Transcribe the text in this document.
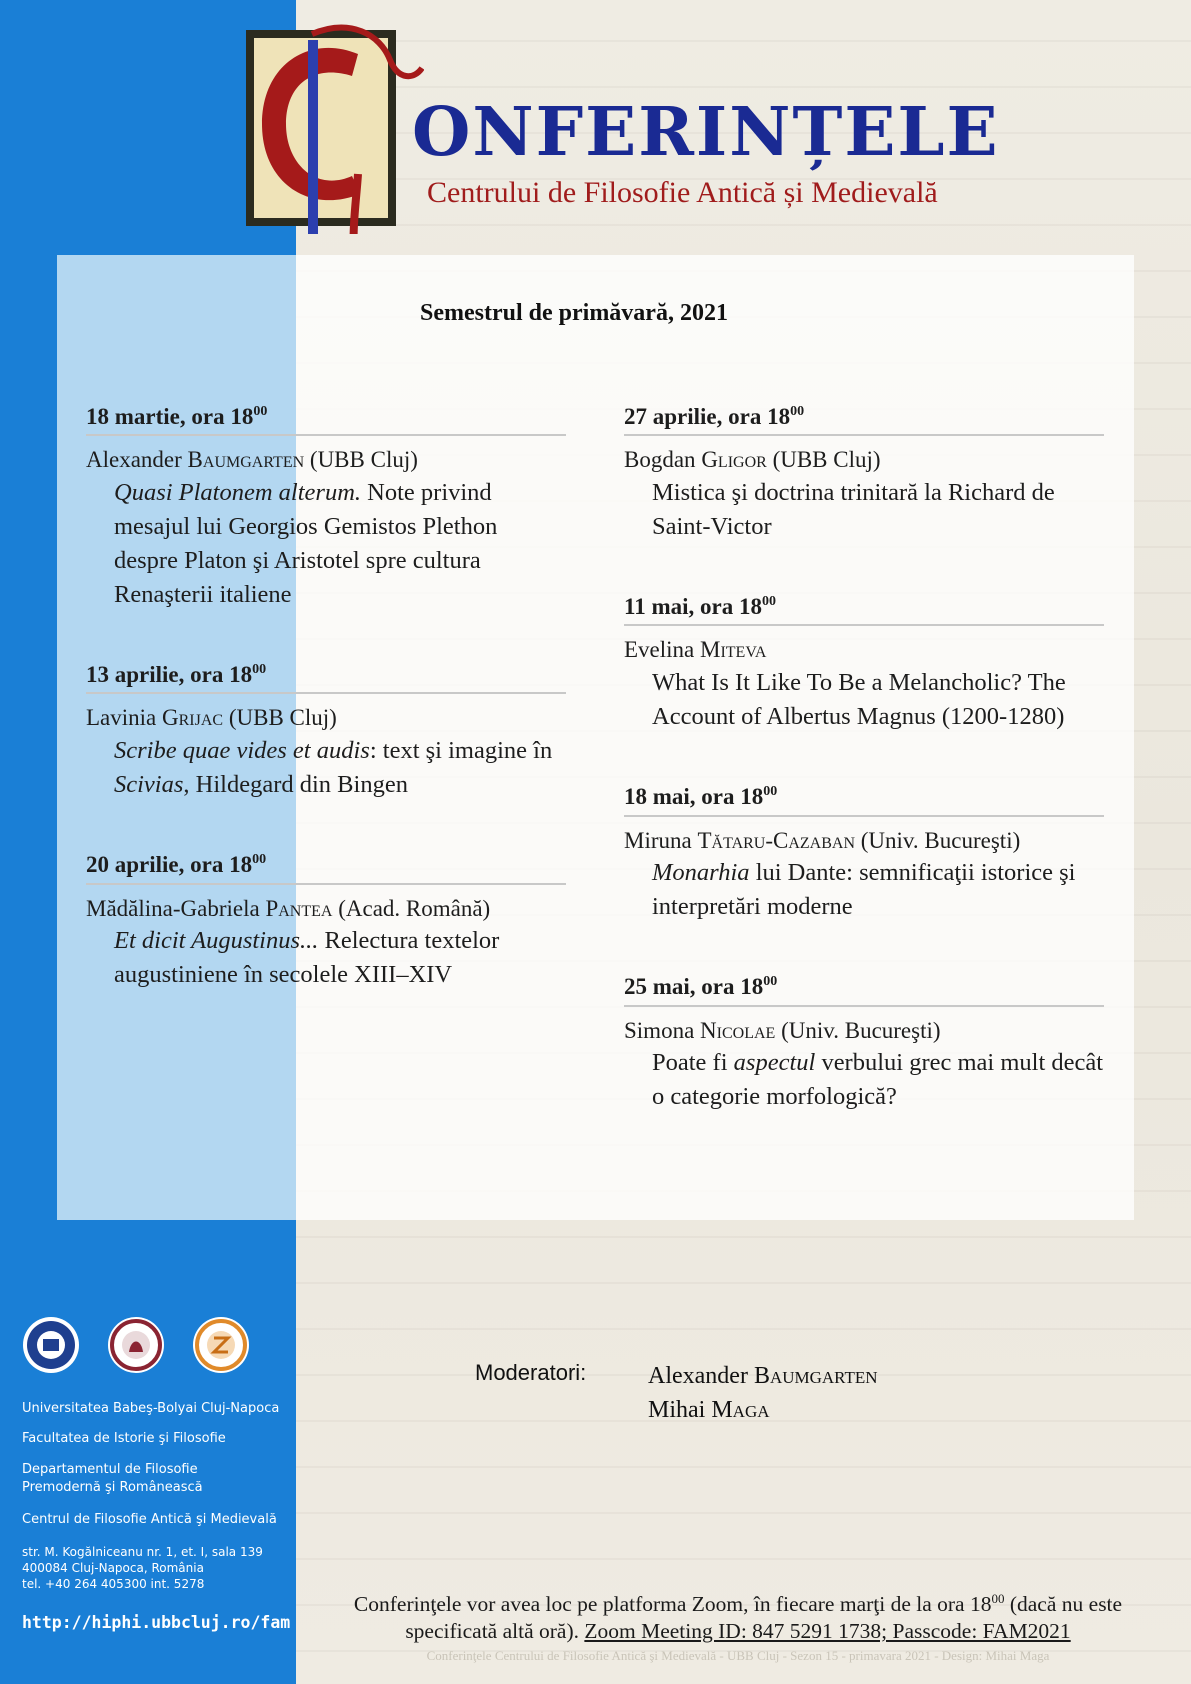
ONFERINȚELE
Centrului de Filosofie Antică și Medievală
Semestrul de primăvară, 2021
18 martie, ora $18^{00}$
Alexander Baumgarten (UBB Cluj)
Quasi Platonem alterum. Note privind mesajul lui Georgios Gemistos Plethon despre Platon şi Aristotel spre cultura Renaşterii italiene
13 aprilie, ora $18^{00}$
Lavinia Grijac (UBB Cluj)
Scribe quae vides et audis: text şi imagine în Scivias, Hildegard din Bingen
20 aprilie, ora $18^{00}$
Mădălina-Gabriela Pantea (Acad. Română)
Et dicit Augustinus... Relectura textelor augustiniene în secolele XIII–XIV
27 aprilie, ora $18^{00}$
Bogdan Gligor (UBB Cluj)
Mistica şi doctrina trinitară la Richard de Saint-Victor
11 mai, ora $18^{00}$
Evelina Miteva
What Is It Like To Be a Melancholic? The Account of Albertus Magnus (1200-1280)
18 mai, ora $18^{00}$
Miruna Tătaru-Cazaban (Univ. Bucureşti)
Monarhia lui Dante: semnificaţii istorice şi interpretări moderne
25 mai, ora $18^{00}$
Simona Nicolae (Univ. Bucureşti)
Poate fi aspectul verbului grec mai mult decât o categorie morfologică?
Universitatea Babeş-Bolyai Cluj-Napoca
Facultatea de Istorie şi Filosofie
Departamentul de Filosofie
Premodernă şi Românească
Centrul de Filosofie Antică şi Medievală
str. M. Kogălniceanu nr. 1, et. I, sala 139
400084 Cluj-Napoca, România
tel. +40 264 405300 int. 5278
http://hiphi.ubbcluj.ro/fam
Moderatori:	Alexander Baumgarten
Mihai Maga
Conferinţele vor avea loc pe platforma Zoom, în fiecare marţi de la ora $18^{00}$ (dacă nu este specificată altă oră). Zoom Meeting ID: 847 5291 1738; Passcode: FAM2021
Conferinţele Centrului de Filosofie Antică şi Medievală - UBB Cluj - Sezon 15 - primavara 2021 - Design: Mihai Maga
